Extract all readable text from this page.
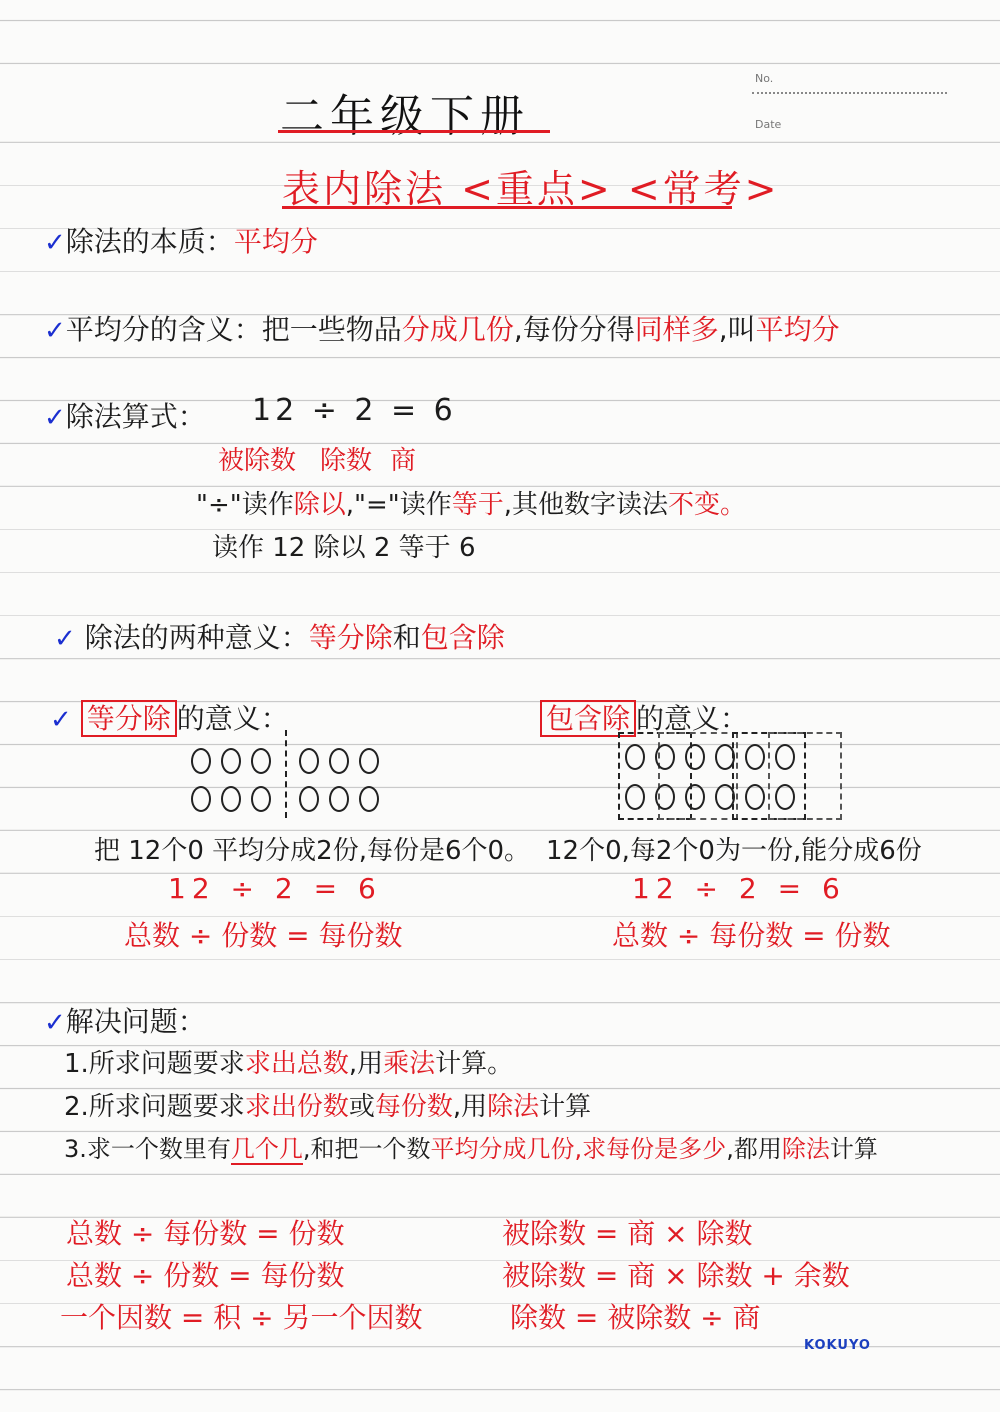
No.
Date
二年级下册
表内除法 <重点> <常考>
✓除法的本质：平均分
✓平均分的含义：把一些物品分成几份,每份分得同样多,叫平均分
✓除法算式： 12 ÷ 2 = 6
被除数 除数 商
"÷"读作除以,"="读作等于,其他数字读法不变。
读作 12 除以 2 等于 6
✓ 除法的两种意义：等分除和包含除
✓ 等分除 的意义：
把 12个0 平均分成2份,每份是6个0。
12 ÷ 2 = 6
总数 ÷ 份数 = 每份数
包含除 的意义：
12个0,每2个0为一份,能分成6份
12 ÷ 2 = 6
总数 ÷ 每份数 = 份数
✓解决问题：
1.所求问题要求求出总数,用乘法计算。
2.所求问题要求求出份数或每份数,用除法计算
3.求一个数里有几个几,和把一个数平均分成几份,求每份是多少,都用除法计算
总数 ÷ 每份数 = 份数
总数 ÷ 份数 = 每份数
一个因数 = 积 ÷ 另一个因数
被除数 = 商 × 除数
被除数 = 商 × 除数 + 余数
除数 = 被除数 ÷ 商
KOKUYO
